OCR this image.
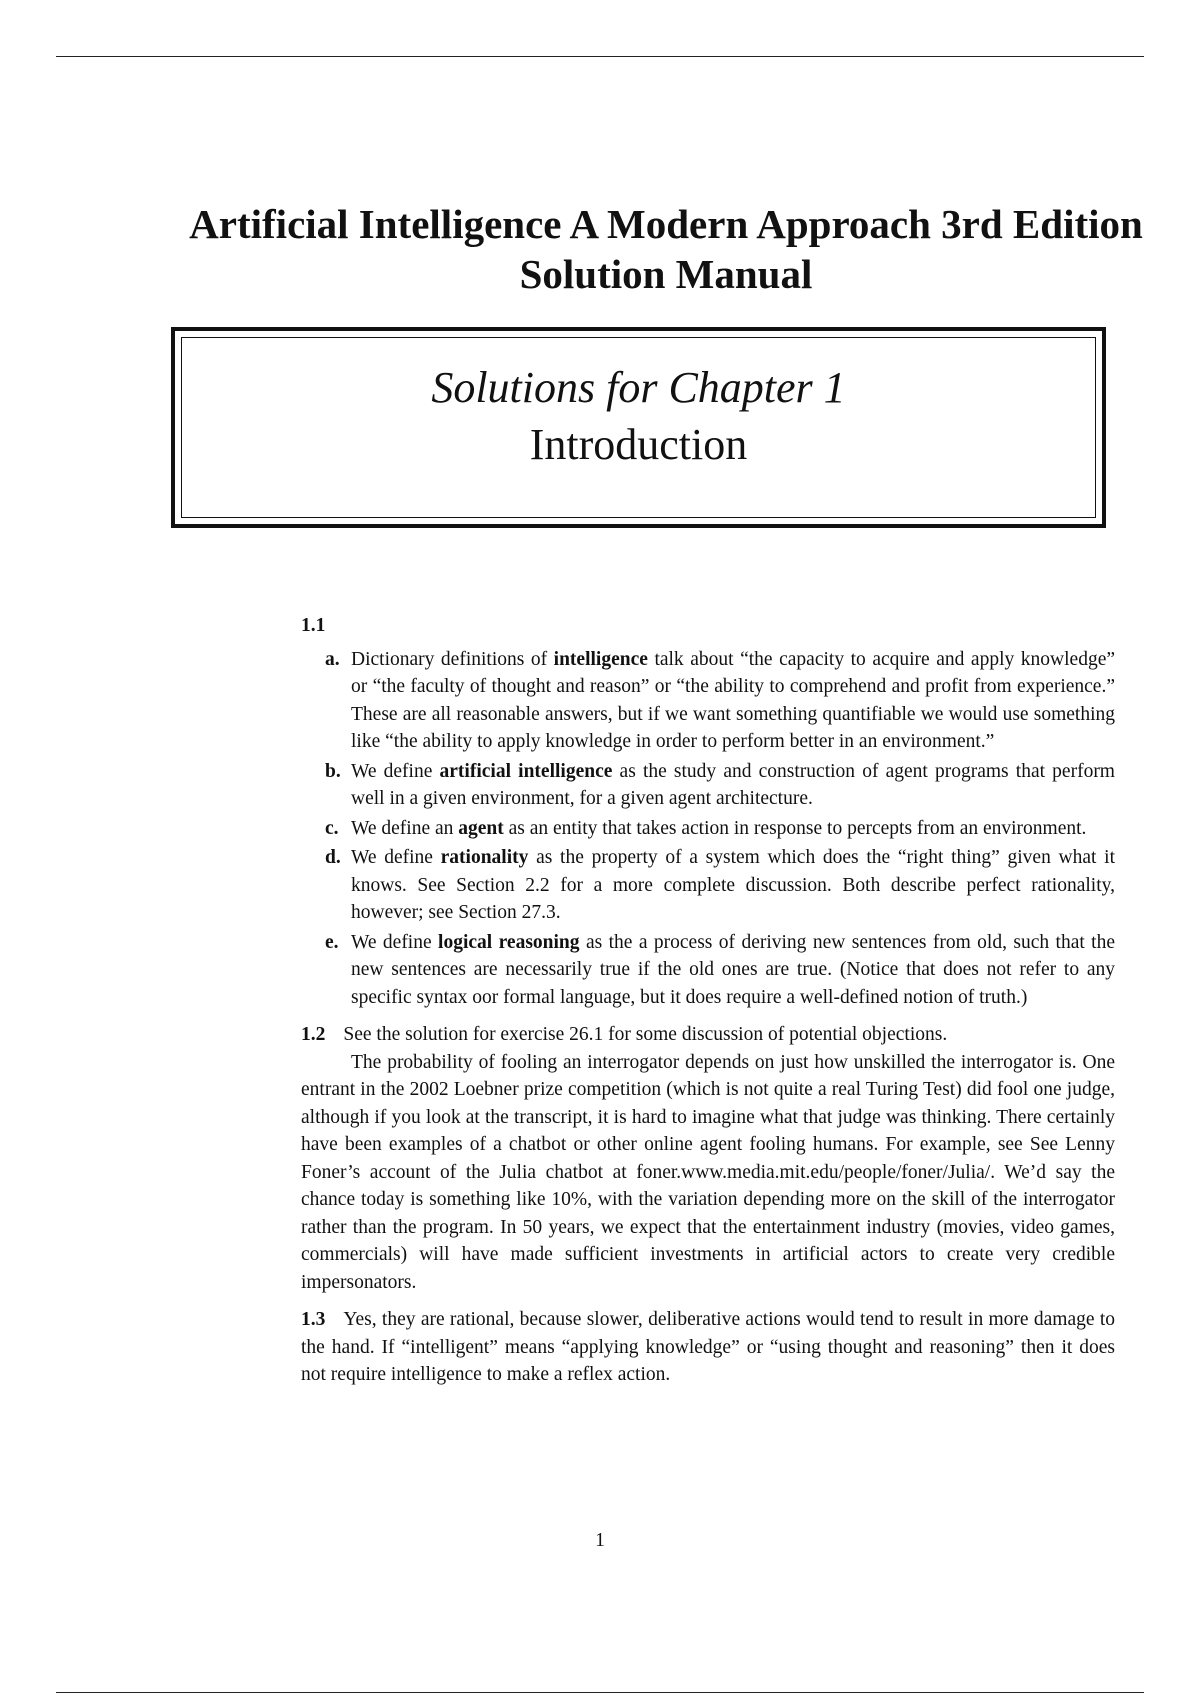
Artificial Intelligence A Modern Approach 3rd Edition
Solution Manual
Solutions for Chapter 1
Introduction
1.1
a. Dictionary definitions of intelligence talk about “the capacity to acquire and apply knowledge” or “the faculty of thought and reason” or “the ability to comprehend and profit from experience.” These are all reasonable answers, but if we want something quantifiable we would use something like “the ability to apply knowledge in order to perform better in an environment.”
b. We define artificial intelligence as the study and construction of agent programs that perform well in a given environment, for a given agent architecture.
c. We define an agent as an entity that takes action in response to percepts from an environment.
d. We define rationality as the property of a system which does the “right thing” given what it knows. See Section 2.2 for a more complete discussion. Both describe perfect rationality, however; see Section 27.3.
e. We define logical reasoning as the a process of deriving new sentences from old, such that the new sentences are necessarily true if the old ones are true. (Notice that does not refer to any specific syntax oor formal language, but it does require a well-defined notion of truth.)

1.2 See the solution for exercise 26.1 for some discussion of potential objections.

The probability of fooling an interrogator depends on just how unskilled the interrogator is. One entrant in the 2002 Loebner prize competition (which is not quite a real Turing Test) did fool one judge, although if you look at the transcript, it is hard to imagine what that judge was thinking. There certainly have been examples of a chatbot or other online agent fooling humans. For example, see See Lenny Foner’s account of the Julia chatbot at foner.www.media.mit.edu/people/foner/Julia/. We’d say the chance today is something like 10%, with the variation depending more on the skill of the interrogator rather than the program. In 50 years, we expect that the entertainment industry (movies, video games, commercials) will have made sufficient investments in artificial actors to create very credible impersonators.

1.3 Yes, they are rational, because slower, deliberative actions would tend to result in more damage to the hand. If “intelligent” means “applying knowledge” or “using thought and reasoning” then it does not require intelligence to make a reflex action.

1
